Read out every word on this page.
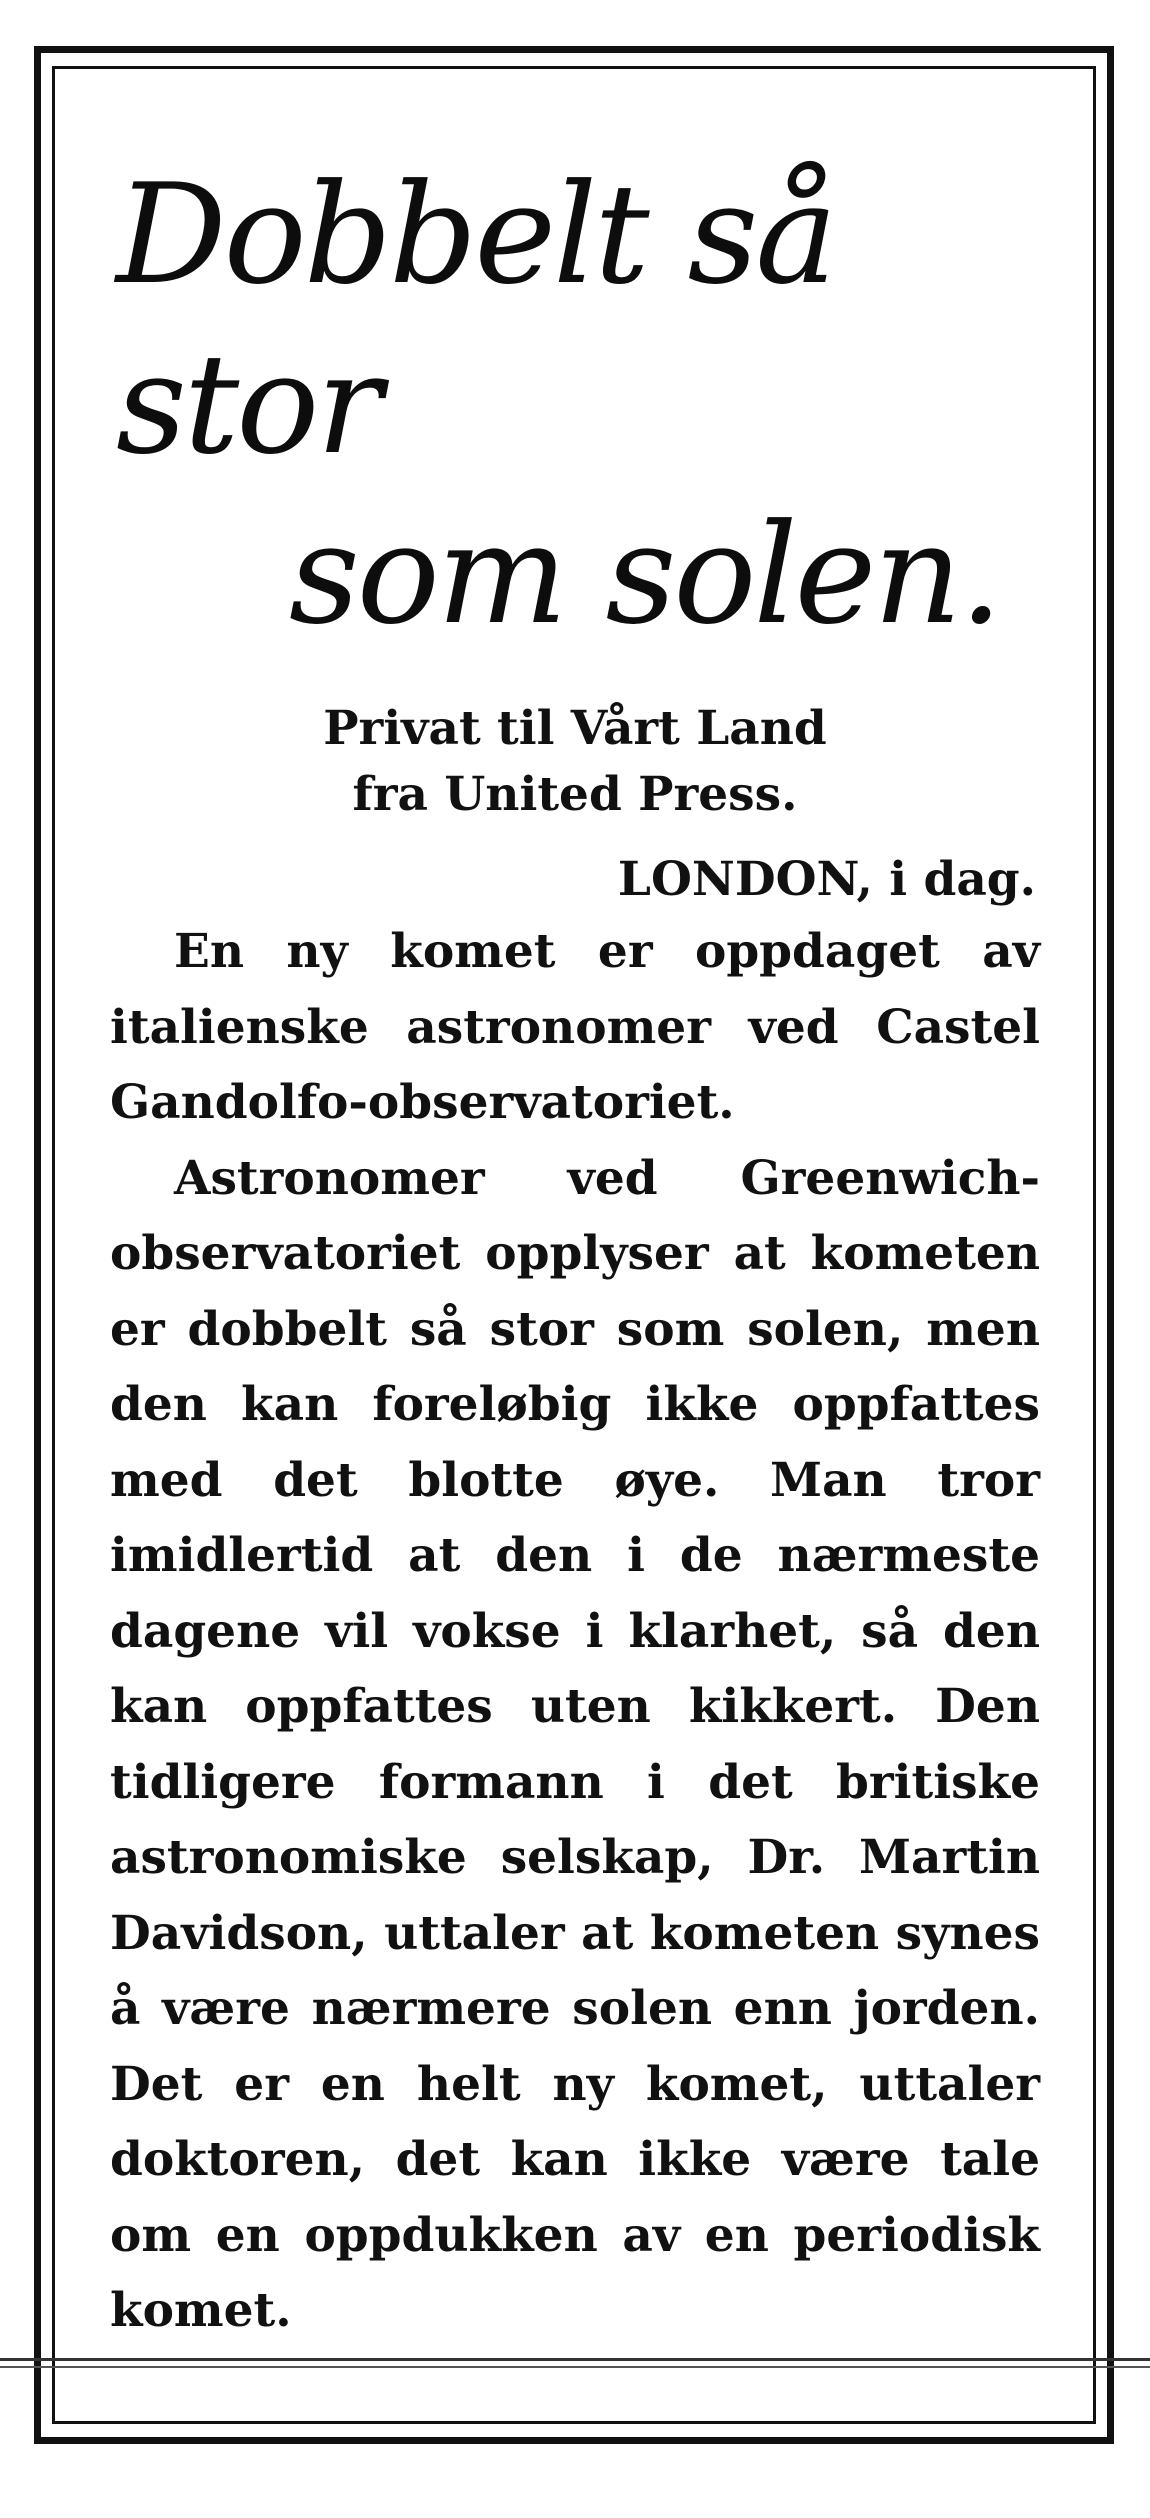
Dobbelt så stor
som solen.
Privat til Vårt Land
fra United Press.
LONDON, i dag.

En ny komet er oppdaget av italienske astronomer ved Castel Gandolfo-observatoriet.

Astronomer ved Greenwich-observatoriet opplyser at kometen er dobbelt så stor som solen, men den kan foreløbig ikke oppfattes med det blotte øye. Man tror imidlertid at den i de nærmeste dagene vil vokse i klarhet, så den kan oppfattes uten kikkert. Den tidligere formann i det britiske astronomiske selskap, Dr. Martin Davidson, uttaler at kometen synes å være nærmere solen enn jorden. Det er en helt ny komet, uttaler doktoren, det kan ikke være tale om en oppdukken av en periodisk komet.
